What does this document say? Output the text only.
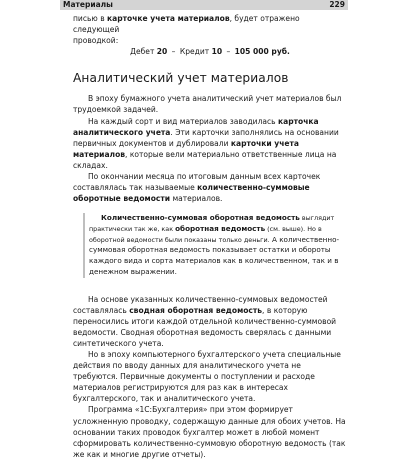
Материалы	229

писью в карточке учета материалов, будет отражено следующей
проводкой:

Дебет 20 – Кредит 10 – 105 000 руб.

Аналитический учет материалов

В эпоху бумажного учета аналитический учет материалов был трудоемкой задачей.

На каждый сорт и вид материалов заводилась карточка аналитического учета. Эти карточки заполнялись на основании первичных документов и дублировали карточки учета материалов, которые вели материально ответственные лица на складах.

По окончании месяца по итоговым данным всех карточек составлялась так называемые количественно-суммовые оборотные ведомости материалов.

Количественно-суммовая оборотная ведомость выглядит практически так же, как оборотная ведомость (см. выше). Но в оборотной ведомости были показаны только деньги. А количественно-суммовая оборотная ведомость показывает остатки и обороты каждого вида и сорта материалов как в количественном, так и в денежном выражении.

На основе указанных количественно-суммовых ведомостей составлялась сводная оборотная ведомость, в которую переносились итоги каждой отдельной количественно-суммовой ведомости. Сводная оборотная ведомость сверялась с данными синтетического учета.

Но в эпоху компьютерного бухгалтерского учета специальные действия по вводу данных для аналитического учета не требуются. Первичные документы о поступлении и расходе материалов регистрируются для раз как в интересах бухгалтерского, так и аналитического учета.

Программа «1С:Бухгалтерия» при этом формирует усложненную проводку, содержащую данные для обоих учетов. На основании таких проводок бухгалтер может в любой момент сформировать количественно-суммовую оборотную ведомость (так же как и многие другие отчеты).
